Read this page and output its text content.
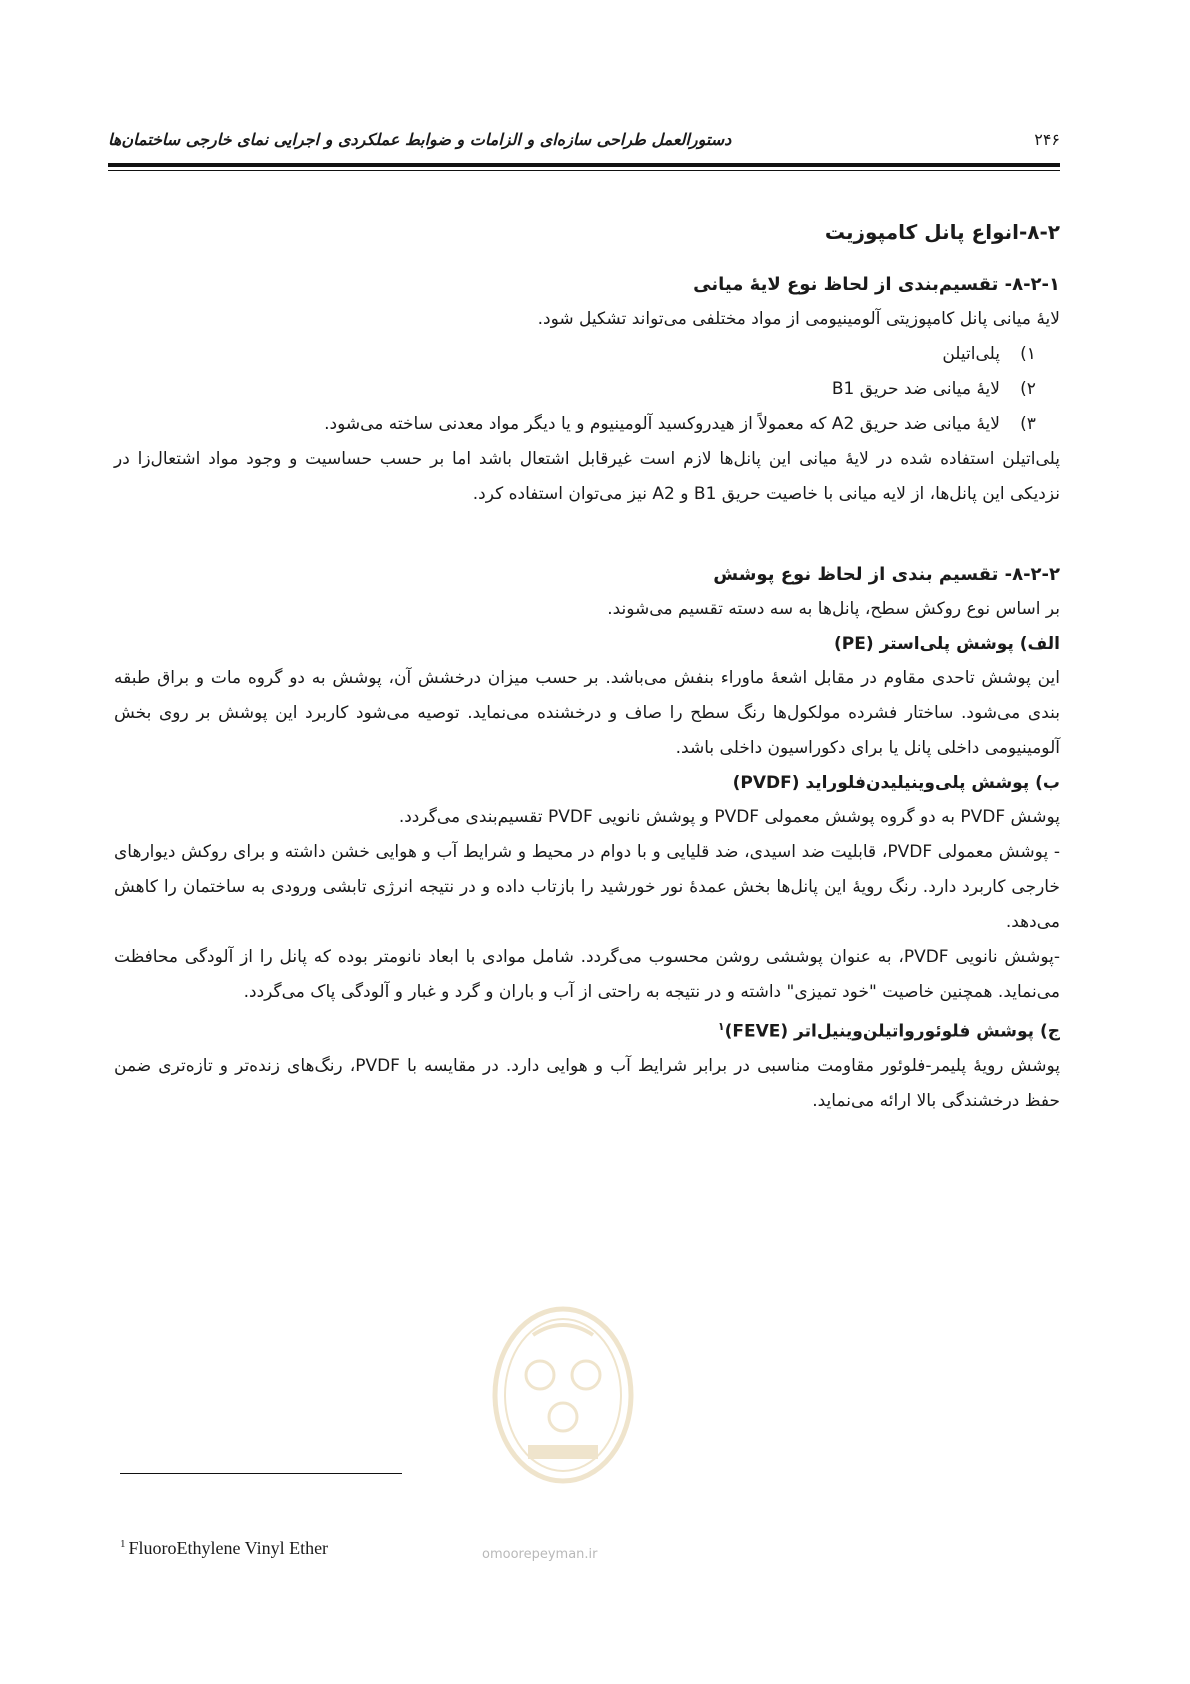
دستورالعمل طراحی سازه‌ای و الزامات و ضوابط عملکردی و اجرایی نمای خارجی ساختمان‌ها	۲۴۶

۸-۲-انواع پانل کامپوزیت

۸-۲-۱- تقسیم‌بندی از لحاظ نوع لایۀ میانی

لایۀ میانی پانل کامپوزیتی آلومینیومی از مواد مختلفی می‌تواند تشکیل شود.

۱)
پلی‌اتیلن
۲)
لایۀ میانی ضد حریق B1
۳)
لایۀ میانی ضد حریق A2 که معمولاً از هیدروکسید آلومینیوم و یا دیگر مواد معدنی ساخته می‌شود.

پلی‌اتیلن استفاده شده در لایۀ میانی این پانل‌ها لازم است غیرقابل اشتعال باشد اما بر حسب حساسیت و وجود مواد اشتعال‌زا در نزدیکی این پانل‌ها، از لایه میانی با خاصیت حریق B1 و A2 نیز می‌توان استفاده کرد.

۸-۲-۲- تقسیم بندی از لحاظ نوع پوشش

بر اساس نوع روکش سطح، پانل‌ها به سه دسته تقسیم می‌شوند.

الف) پوشش پلی‌استر (PE)

این پوشش تاحدی مقاوم در مقابل اشعۀ ماوراء بنفش می‌باشد. بر حسب میزان درخشش آن، پوشش به دو گروه مات و براق طبقه بندی می‌شود. ساختار فشرده مولکول‌ها رنگ سطح را صاف و درخشنده می‌نماید. توصیه می‌شود کاربرد این پوشش بر روی بخش آلومینیومی داخلی پانل یا برای دکوراسیون داخلی باشد.

ب) پوشش پلی‌وینیلیدن‌فلوراید (PVDF)

پوشش PVDF به دو گروه پوشش معمولی PVDF و پوشش نانویی PVDF تقسیم‌بندی می‌گردد.

- پوشش معمولی PVDF، قابلیت ضد اسیدی، ضد قلیایی و با دوام در محیط و شرایط آب و هوایی خشن داشته و برای روکش دیوارهای خارجی کاربرد دارد. رنگ رویۀ این پانل‌ها بخش عمدۀ نور خورشید را بازتاب داده و در نتیجه انرژی تابشی ورودی به ساختمان را کاهش می‌دهد.

-پوشش نانویی PVDF، به عنوان پوششی روشن محسوب می‌گردد. شامل موادی با ابعاد نانومتر بوده که پانل را از آلودگی محافظت می‌نماید. همچنین خاصیت "خود تمیزی" داشته و در نتیجه به راحتی از آب و باران و گرد و غبار و آلودگی پاک می‌گردد.

ج) پوشش فلوئورواتیلن‌وینیل‌اتر (FEVE)$^۱$

پوشش رویۀ پلیمر-فلوئور مقاومت مناسبی در برابر شرایط آب و هوایی دارد. در مقایسه با PVDF، رنگ‌های زنده‌تر و تازه‌تری ضمن حفظ درخشندگی بالا ارائه می‌نماید.

$^1$ FluoroEthylene Vinyl Ether	omoorepeyman.ir
